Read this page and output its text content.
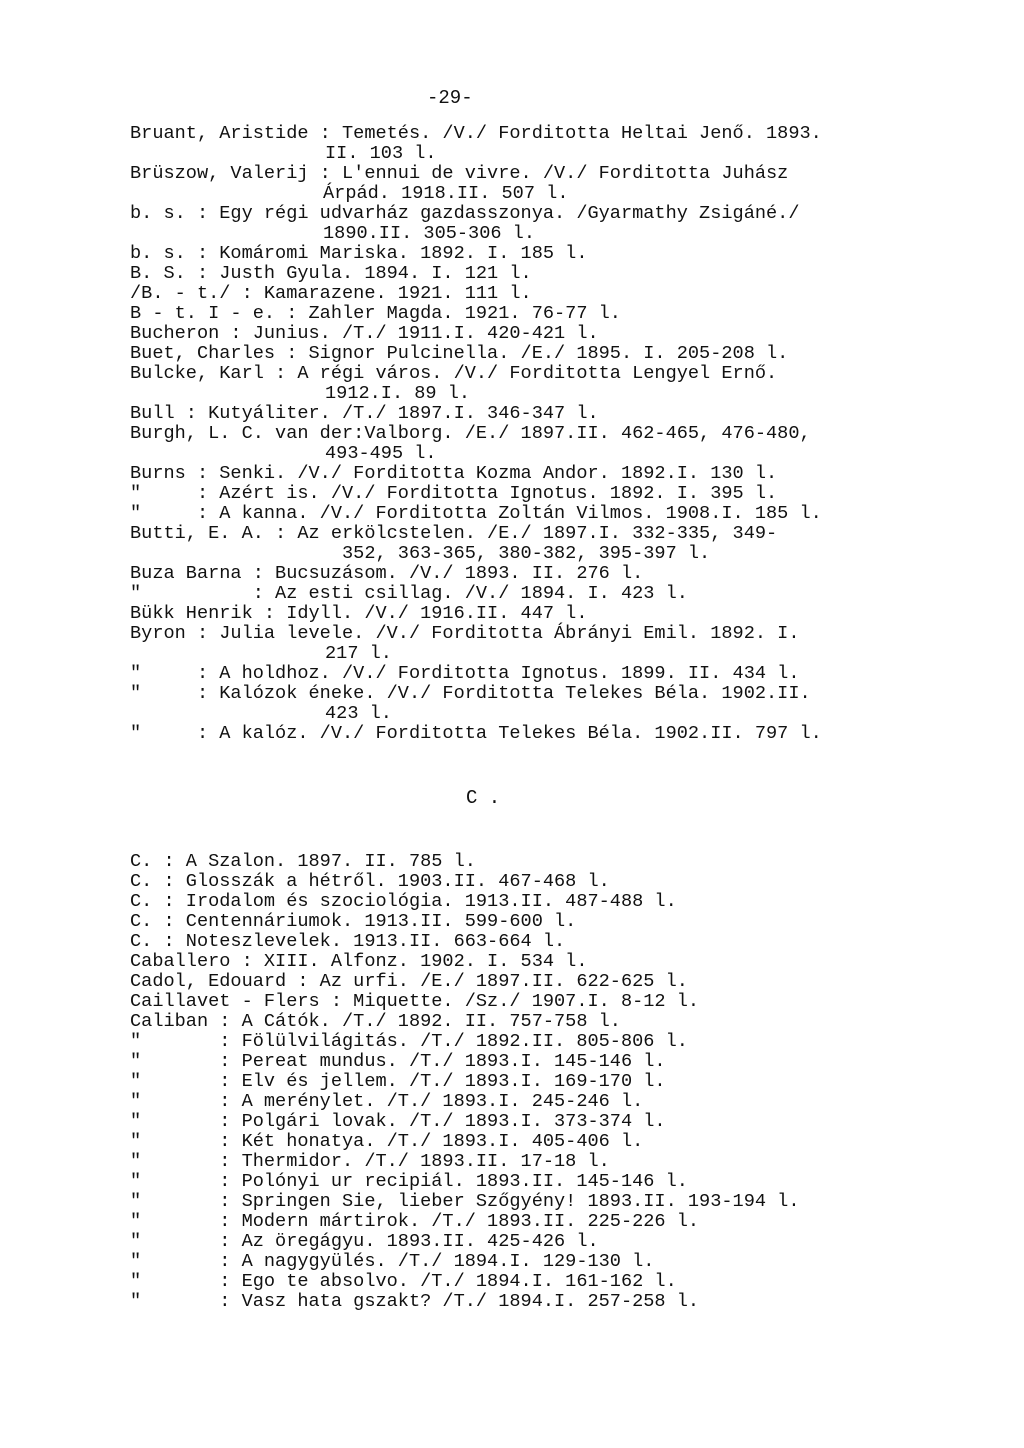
-29-
Bruant, Aristide : Temetés. /V./ Forditotta Heltai Jenő. 1893.
II. 103 l.
Brüszow, Valerij : L'ennui de vivre. /V./ Forditotta Juhász
Árpád. 1918.II. 507 l.
b. s. : Egy régi udvarház gazdasszonya. /Gyarmathy Zsigáné./
1890.II. 305-306 l.
b. s. : Komáromi Mariska. 1892. I. 185 l.
B. S. : Justh Gyula. 1894. I. 121 l.
/B. - t./ : Kamarazene. 1921. 111 l.
B - t. I - e. : Zahler Magda. 1921. 76-77 l.
Bucheron : Junius. /T./ 1911.I. 420-421 l.
Buet, Charles : Signor Pulcinella. /E./ 1895. I. 205-208 l.
Bulcke, Karl : A régi város. /V./ Forditotta Lengyel Ernő.
1912.I. 89 l.
Bull : Kutyáliter. /T./ 1897.I. 346-347 l.
Burgh, L. C. van der:Valborg. /E./ 1897.II. 462-465, 476-480,
493-495 l.
Burns : Senki. /V./ Forditotta Kozma Andor. 1892.I. 130 l.
"     : Azért is. /V./ Forditotta Ignotus. 1892. I. 395 l.
"     : A kanna. /V./ Forditotta Zoltán Vilmos. 1908.I. 185 l.
Butti, E. A. : Az erkölcstelen. /E./ 1897.I. 332-335, 349-
352, 363-365, 380-382, 395-397 l.
Buza Barna : Bucsuzásom. /V./ 1893. II. 276 l.
"          : Az esti csillag. /V./ 1894. I. 423 l.
Bükk Henrik : Idyll. /V./ 1916.II. 447 l.
Byron : Julia levele. /V./ Forditotta Ábrányi Emil. 1892. I.
217 l.
"     : A holdhoz. /V./ Forditotta Ignotus. 1899. II. 434 l.
"     : Kalózok éneke. /V./ Forditotta Telekes Béla. 1902.II.
423 l.
"     : A kalóz. /V./ Forditotta Telekes Béla. 1902.II. 797 l.
C .
C. : A Szalon. 1897. II. 785 l.
C. : Glosszák a hétről. 1903.II. 467-468 l.
C. : Irodalom és szociológia. 1913.II. 487-488 l.
C. : Centennáriumok. 1913.II. 599-600 l.
C. : Noteszlevelek. 1913.II. 663-664 l.
Caballero : XIII. Alfonz. 1902. I. 534 l.
Cadol, Edouard : Az urfi. /E./ 1897.II. 622-625 l.
Caillavet - Flers : Miquette. /Sz./ 1907.I. 8-12 l.
Caliban : A Cátók. /T./ 1892. II. 757-758 l.
"       : Fölülvilágitás. /T./ 1892.II. 805-806 l.
"       : Pereat mundus. /T./ 1893.I. 145-146 l.
"       : Elv és jellem. /T./ 1893.I. 169-170 l.
"       : A merénylet. /T./ 1893.I. 245-246 l.
"       : Polgári lovak. /T./ 1893.I. 373-374 l.
"       : Két honatya. /T./ 1893.I. 405-406 l.
"       : Thermidor. /T./ 1893.II. 17-18 l.
"       : Polónyi ur recipiál. 1893.II. 145-146 l.
"       : Springen Sie, lieber Szőgyény! 1893.II. 193-194 l.
"       : Modern mártirok. /T./ 1893.II. 225-226 l.
"       : Az öregágyu. 1893.II. 425-426 l.
"       : A nagygyülés. /T./ 1894.I. 129-130 l.
"       : Ego te absolvo. /T./ 1894.I. 161-162 l.
"       : Vasz hata gszakt? /T./ 1894.I. 257-258 l.
